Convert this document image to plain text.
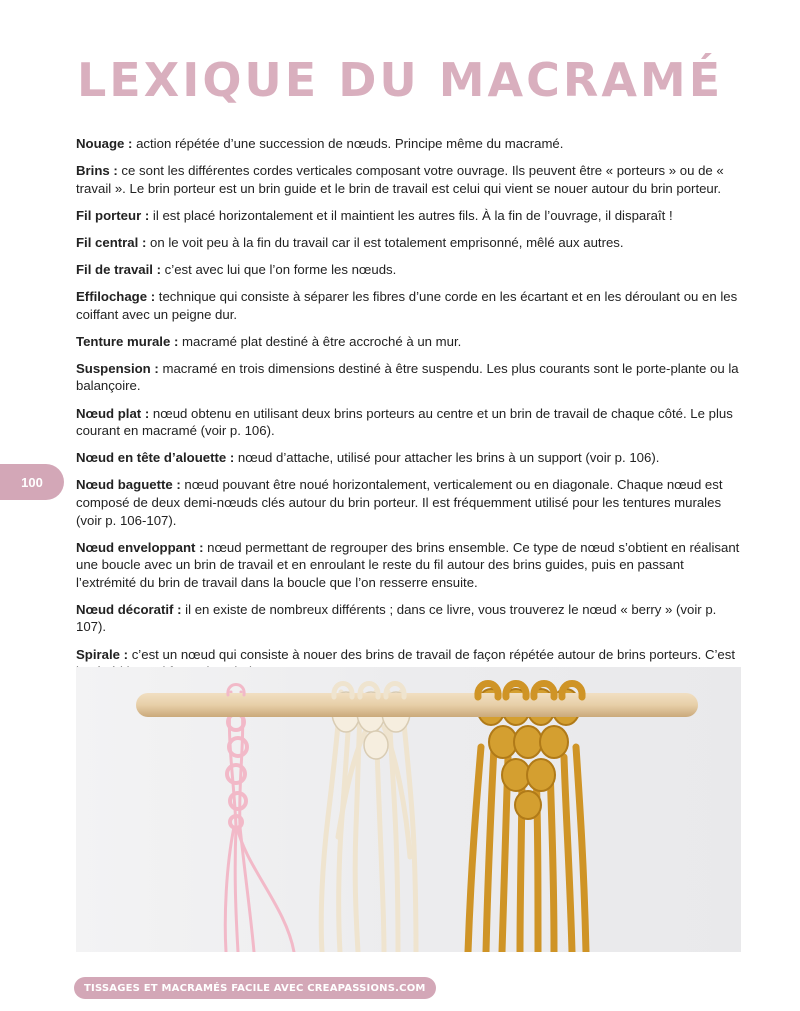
LEXIQUE DU MACRAMÉ

Nouage : action répétée d’une succession de nœuds. Principe même du macramé.

Brins : ce sont les différentes cordes verticales composant votre ouvrage. Ils peuvent être « porteurs » ou de « travail ». Le brin porteur est un brin guide et le brin de travail est celui qui vient se nouer autour du brin porteur.

Fil porteur : il est placé horizontalement et il maintient les autres fils. À la fin de l’ouvrage, il disparaît !

Fil central : on le voit peu à la fin du travail car il est totalement emprisonné, mêlé aux autres.

Fil de travail : c’est avec lui que l’on forme les nœuds.

Effilochage : technique qui consiste à séparer les fibres d’une corde en les écartant et en les déroulant ou en les coiffant avec un peigne dur.

Tenture murale : macramé plat destiné à être accroché à un mur.

Suspension : macramé en trois dimensions destiné à être suspendu. Les plus courants sont le porte-plante ou la balançoire.

Nœud plat : nœud obtenu en utilisant deux brins porteurs au centre et un brin de travail de chaque côté. Le plus courant en macramé (voir p. 106).

Nœud en tête d’alouette : nœud d’attache, utilisé pour attacher les brins à un support (voir p. 106).

Nœud baguette : nœud pouvant être noué horizontalement, verticalement ou en diagonale. Chaque nœud est composé de deux demi-nœuds clés autour du brin porteur. Il est fréquemment utilisé pour les tentures murales (voir p. 106-107).

Nœud enveloppant : nœud permettant de regrouper des brins ensemble. Ce type de nœud s’obtient en réalisant une boucle avec un brin de travail et en enroulant le reste du fil autour des brins guides, puis en passant l’extrémité du brin de travail dans la boucle que l’on resserre ensuite.

Nœud décoratif : il en existe de nombreux différents ; dans ce livre, vous trouverez le nœud « berry » (voir p. 107).

Spirale : c’est un nœud qui consiste à nouer des brins de travail de façon répétée autour de brins porteurs. C’est

100
TISSAGES ET MACRAMÉS FACILE AVEC CREAPASSIONS.COM
